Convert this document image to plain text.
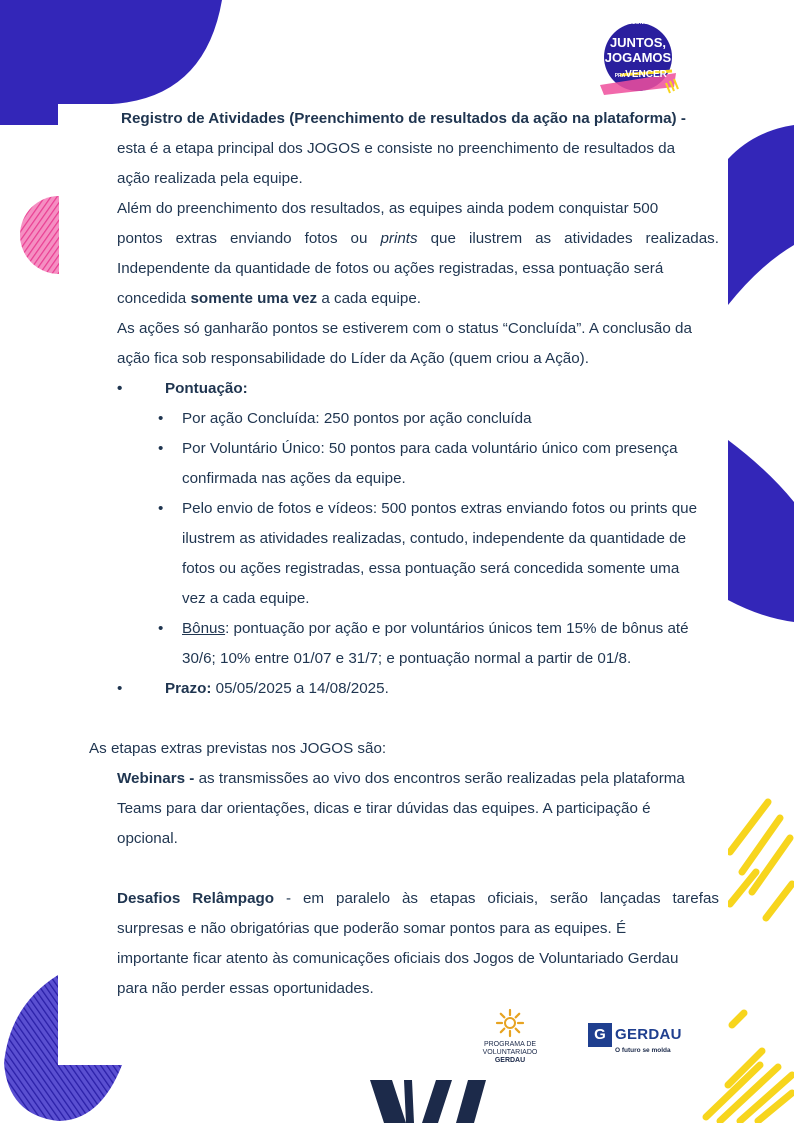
JOGOS DE VOLUNTARIADO 2025
JUNTOS,
JOGAMOS
PRA VENCER
Registro de Atividades (Preenchimento de resultados da ação na plataforma) -
esta é a etapa principal dos JOGOS e consiste no preenchimento de resultados da
ação realizada pela equipe.
Além do preenchimento dos resultados, as equipes ainda podem conquistar 500
pontos extras enviando fotos ou prints que ilustrem as atividades realizadas.
Independente da quantidade de fotos ou ações registradas, essa pontuação será
concedida somente uma vez a cada equipe.
As ações só ganharão pontos se estiverem com o status “Concluída”. A conclusão da
ação fica sob responsabilidade do Líder da Ação (quem criou a Ação).
•	Pontuação:
• Por ação Concluída: 250 pontos por ação concluída
• Por Voluntário Único: 50 pontos para cada voluntário único com presença
confirmada nas ações da equipe.
• Pelo envio de fotos e vídeos: 500 pontos extras enviando fotos ou prints que
ilustrem as atividades realizadas, contudo, independente da quantidade de
fotos ou ações registradas, essa pontuação será concedida somente uma
vez a cada equipe.
• Bônus: pontuação por ação e por voluntários únicos tem 15% de bônus até
30/6; 10% entre 01/07 e 31/7; e pontuação normal a partir de 01/8.
•	Prazo: 05/05/2025 a 14/08/2025.
As etapas extras previstas nos JOGOS são:
Webinars - as transmissões ao vivo dos encontros serão realizadas pela plataforma
Teams para dar orientações, dicas e tirar dúvidas das equipes. A participação é
opcional.
Desafios Relâmpago - em paralelo às etapas oficiais, serão lançadas tarefas
surpresas e não obrigatórias que poderão somar pontos para as equipes. É
importante ficar atento às comunicações oficiais dos Jogos de Voluntariado Gerdau
para não perder essas oportunidades.
PROGRAMA DE
VOLUNTARIADO
GERDAU
G GERDAU
O futuro se molda
